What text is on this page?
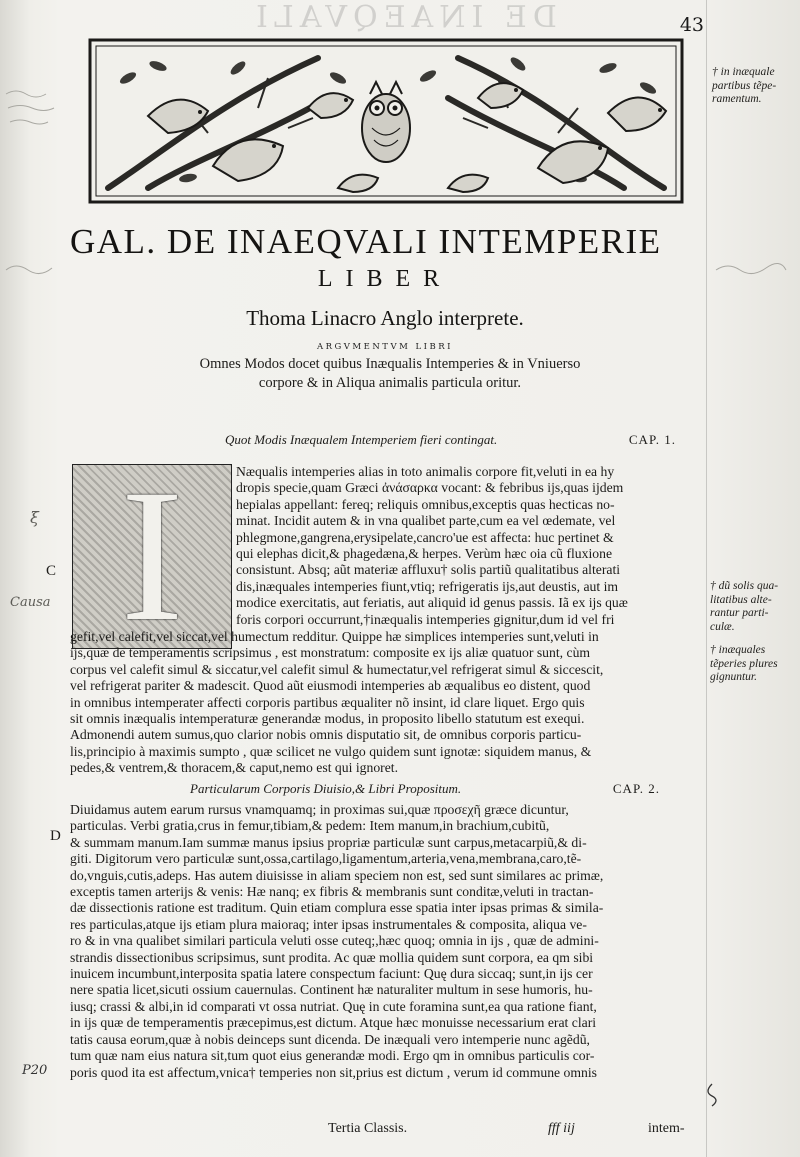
DE INAEQVALI	43
GAL. DE INAEQVALI INTEMPERIE
LIBER
Thoma Linacro Anglo interprete.
ARGVMENTVM LIBRI
Omnes Modos docet quibus Inæqualis Intemperies & in Vniuerso
corpore & in Aliqua animalis particula oritur.
Quot Modis Inæqualem Intemperiem fieri contingat.	CAP. 1.
I	Næqualis intemperies alias in toto animalis corpore fit,veluti in ea hy
dropis specie,quam Græci ἀνάσαρκα vocant: & febribus ijs,quas ijdem
hepialas appellant: fereq; reliquis omnibus,exceptis quas hecticas no-
minat. Incidit autem & in vna qualibet parte,cum ea vel œdemate, vel
phlegmone,gangrena,erysipelate,cancro'ue est affecta: huc pertinet &
qui elephas dicit,& phagedæna,& herpes. Verùm hæc oia cũ fluxione
consistunt. Absq; aũt materiæ affluxu† solis partiũ qualitatibus alterati
dis,inæquales intemperies fiunt,vtiq; refrigeratis ijs,aut deustis, aut im
modice exercitatis, aut feriatis, aut aliquid id genus passis. Iã ex ijs quæ
foris corpori occurrunt,†inæqualis intemperies gignitur,dum id vel fri
gefit,vel calefit,vel siccat,vel humectum redditur. Quippe hæ simplices intemperies sunt,veluti in
ijs,quæ de temperamentis scripsimus , est monstratum: composite ex ijs aliæ quatuor sunt, cùm
corpus vel calefit simul & siccatur,vel calefit simul & humectatur,vel refrigerat simul & siccescit,
vel refrigerat pariter & madescit. Quod aũt eiusmodi intemperies ab æqualibus eo distent, quod
in omnibus intemperater affecti corporis partibus æqualiter nõ insint, id clare liquet. Ergo quis
sit omnis inæqualis intemperaturæ generandæ modus, in proposito libello statutum est exequi.
Admonendi autem sumus,quo clarior nobis omnis disputatio sit, de omnibus corporis particu-
lis,principio à maximis sumpto , quæ scilicet ne vulgo quidem sunt ignotæ: siquidem manus, &
pedes,& ventrem,& thoracem,& caput,nemo est qui ignoret.
Particularum Corporis Diuisio,& Libri Propositum.	CAP. 2.
Diuidamus autem earum rursus vnamquamq; in proximas sui,quæ προσεχῆ græce dicuntur,
particulas. Verbi gratia,crus in femur,tibiam,& pedem: Item manum,in brachium,cubitũ,
& summam manum.Iam summæ manus ipsius propriæ particulæ sunt carpus,metacarpiũ,& di-
giti. Digitorum vero particulæ sunt,ossa,cartilago,ligamentum,arteria,vena,membrana,caro,tẽ-
do,vnguis,cutis,adeps. Has autem diuisisse in aliam speciem non est, sed sunt similares ac primæ,
exceptis tamen arterijs & venis: Hæ nanq; ex fibris & membranis sunt conditæ,veluti in tractan-
dæ dissectionis ratione est traditum. Quin etiam complura esse spatia inter ipsas primas & simila-
res particulas,atque ijs etiam plura maioraq; inter ipsas instrumentales & composita, aliqua ve-
ro & in vna qualibet similari particula veluti osse cuteq;,hæc quoq; omnia in ijs , quæ de admini-
strandis dissectionibus scripsimus, sunt prodita. Ac quæ mollia quidem sunt corpora, ea qm sibi
inuicem incumbunt,interposita spatia latere conspectum faciunt: Quę dura siccaq; sunt,in ijs cer
nere spatia licet,sicuti ossium cauernulas. Continent hæ naturaliter multum in sese humoris, hu-
iusq; crassi & albi,in id comparati vt ossa nutriat. Quę in cute foramina sunt,ea qua ratione fiant,
in ijs quæ de temperamentis præcepimus,est dictum. Atque hæc monuisse necessarium erat clari
tatis causa eorum,quæ à nobis deinceps sunt dicenda. De inæquali vero intemperie nunc agẽdũ,
tum quæ nam eius natura sit,tum quot eius generandæ modi. Ergo qm in omnibus particulis cor-
poris quod ita est affectum,vnica† temperies non sit,prius est dictum , verum id commune omnis
Tertia Classis.	fff iij	intem-
† in inæquale
partibus tẽpe-
ramentum.
† dũ solis qua-
litatibus alte-
rantur parti-
culæ.
† inæquales
tẽperies plures
gignuntur.
C
D
Causa
ξ
P20
